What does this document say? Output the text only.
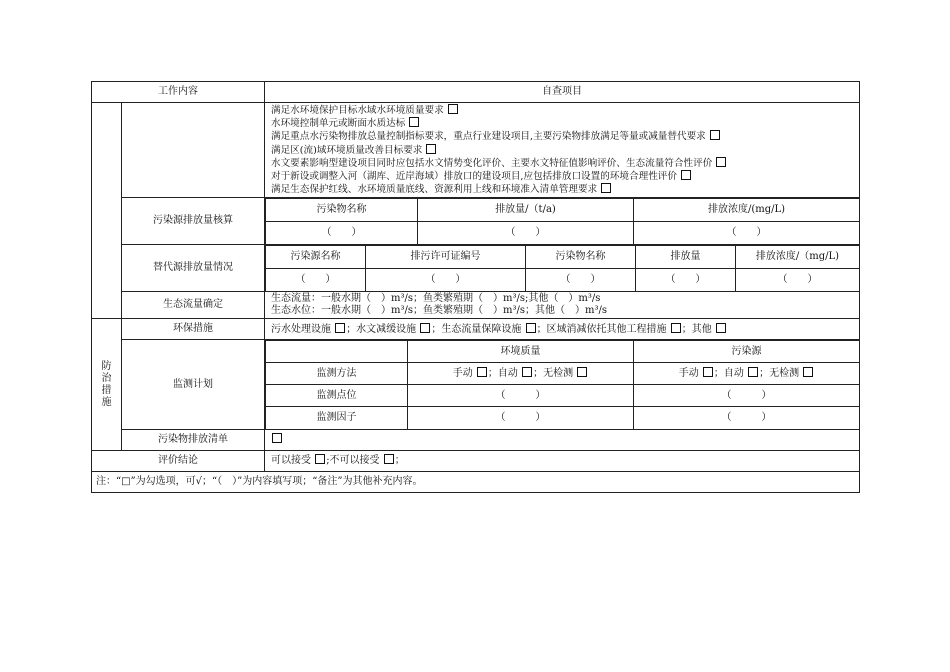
工作内容	自查项目

满足水环境保护目标水域水环境质量要求
水环境控制单元或断面水质达标
满足重点水污染物排放总量控制指标要求，重点行业建设项目,主要污染物排放满足等量或减量替代要求
满足区(流)域环境质量改善目标要求
水文要素影响型建设项目同时应包括水文情势变化评价、主要水文特征值影响评价、生态流量符合性评价
对于新设或调整入河（湖库、近岸海域）排放口的建设项目,应包括排放口设置的环境合理性评价
满足生态保护红线、水环境质量底线、资源利用上线和环境准入清单管理要求

污染源排放量核算	
污染物名称	排放量/（t/a)	排放浓度/(mg/L)
（　　）	（　　）	（　　）

替代源排放量情况	
污染源名称	排污许可证编号	污染物名称	排放量	排放浓度/（mg/L)
（　　）	（　　）	（　　）	（　　）	（　　）

生态流量确定	
生态流量：一般水期（　）m³/s；鱼类繁殖期（　）m³/s;其他（　）m³/s
生态水位：一般水期（　）m³/s；鱼类繁殖期（　）m³/s；其他（　）m³/s

防
治
措
施
	环保措施	污水处理设施 ；水文减缓设施 ；生态流量保障设施 ；区域消减依托其他工程措施 ；其他
监测计划	
	环境质量	污染源
监测方法	手动 ；自动 ；无检测	手动 ；自动 ；无检测
监测点位	（　　　）	（　　　）
监测因子	（　　　）	（　　　）

污染物排放清单	
评价结论	可以接受 ;不可以接受 ；
注：“□”为勾选项，可√；“（　）”为内容填写项；“备注”为其他补充内容。
